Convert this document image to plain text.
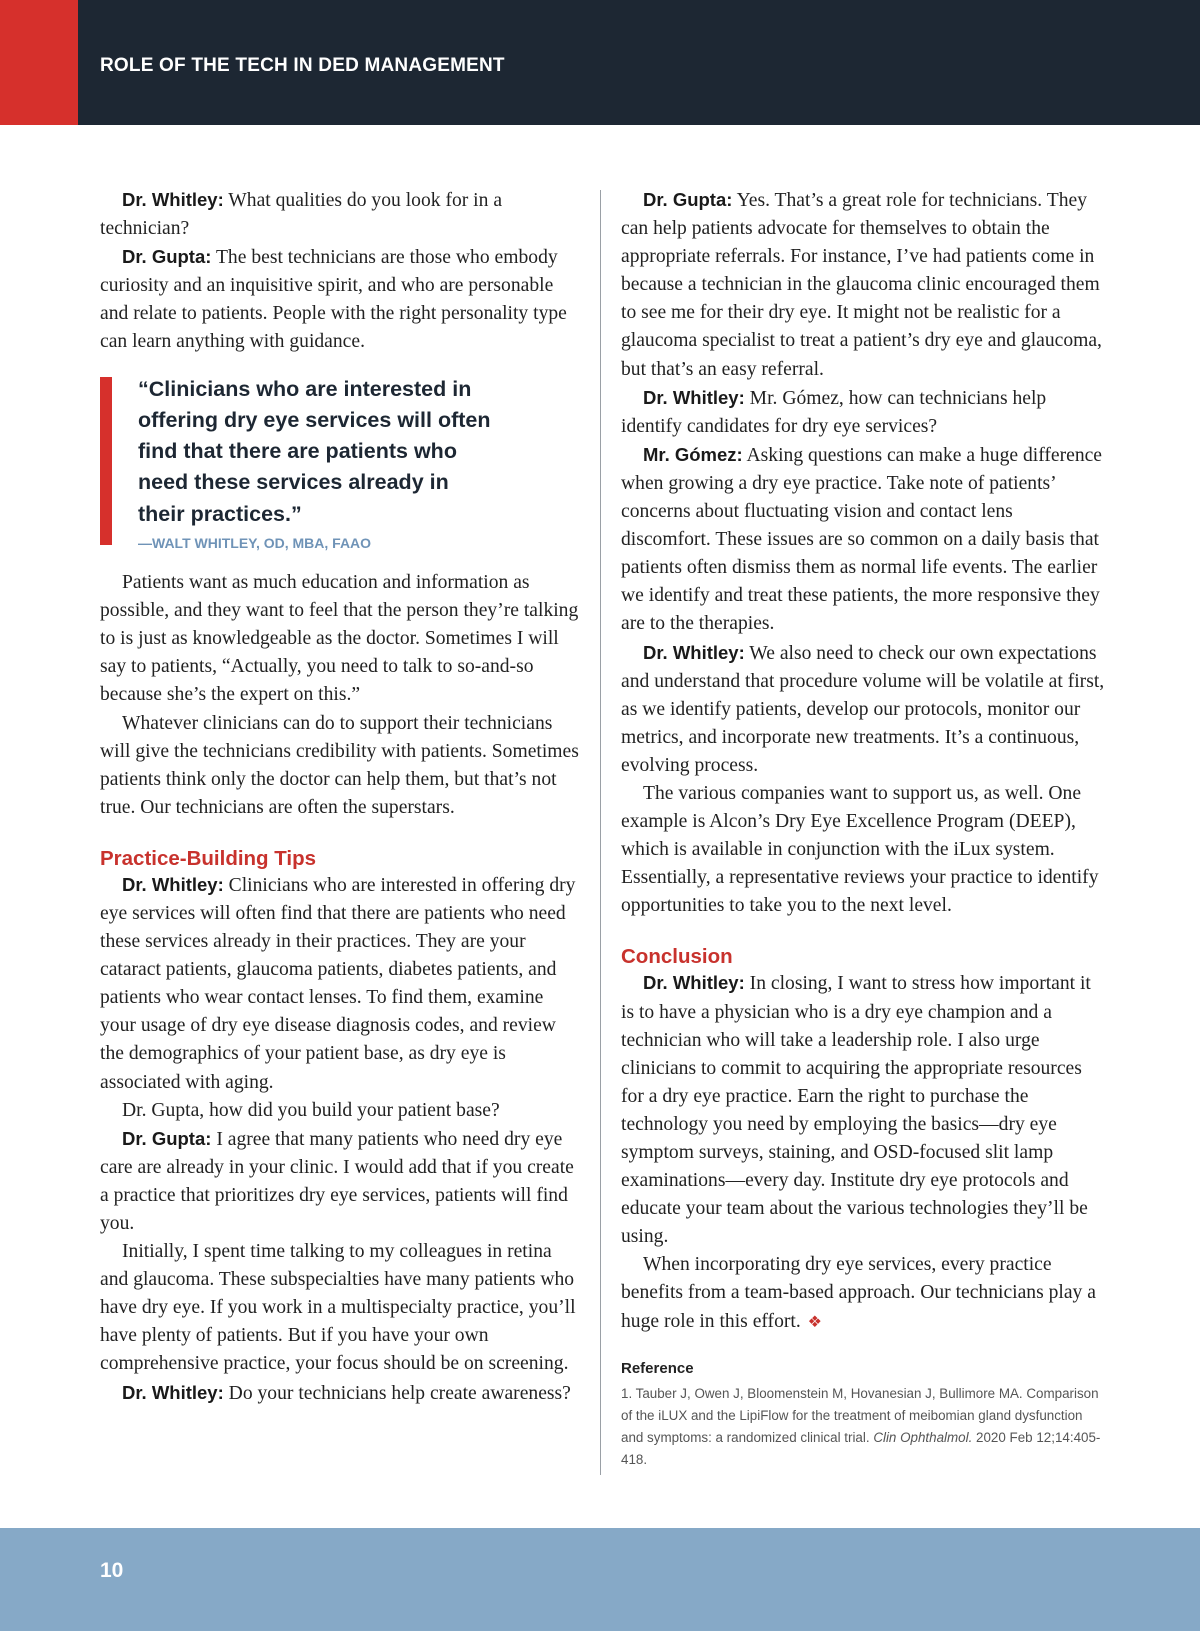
ROLE OF THE TECH IN DED MANAGEMENT

Dr. Whitley: What qualities do you look for in a technician?

Dr. Gupta: The best technicians are those who embody curiosity and an inquisitive spirit, and who are personable and relate to patients. People with the right personality type can learn anything with guidance.

“Clinicians who are interested in offering dry eye services will often find that there are patients who need these services already in their practices.”

—WALT WHITLEY, OD, MBA, FAAO

Patients want as much education and information as possible, and they want to feel that the person they’re talking to is just as knowledgeable as the doctor. Sometimes I will say to patients, “Actually, you need to talk to so-and-so because she’s the expert on this.”

Whatever clinicians can do to support their technicians will give the technicians credibility with patients. Sometimes patients think only the doctor can help them, but that’s not true. Our technicians are often the superstars.

Practice-Building Tips

Dr. Whitley: Clinicians who are interested in offering dry eye services will often find that there are patients who need these services already in their practices. They are your cataract patients, glaucoma patients, diabetes patients, and patients who wear contact lenses. To find them, examine your usage of dry eye disease diagnosis codes, and review the demographics of your patient base, as dry eye is associated with aging.

Dr. Gupta, how did you build your patient base?

Dr. Gupta: I agree that many patients who need dry eye care are already in your clinic. I would add that if you create a practice that prioritizes dry eye services, patients will find you.

Initially, I spent time talking to my colleagues in retina and glaucoma. These subspecialties have many patients who have dry eye. If you work in a multispecialty practice, you’ll have plenty of patients. But if you have your own comprehensive practice, your focus should be on screening.

Dr. Whitley: Do your technicians help create awareness?

Dr. Gupta: Yes. That’s a great role for technicians. They can help patients advocate for themselves to obtain the appropriate referrals. For instance, I’ve had patients come in because a technician in the glaucoma clinic encouraged them to see me for their dry eye. It might not be realistic for a glaucoma specialist to treat a patient’s dry eye and glaucoma, but that’s an easy referral.

Dr. Whitley: Mr. Gómez, how can technicians help identify candidates for dry eye services?

Mr. Gómez: Asking questions can make a huge difference when growing a dry eye practice. Take note of patients’ concerns about fluctuating vision and contact lens discomfort. These issues are so common on a daily basis that patients often dismiss them as normal life events. The earlier we identify and treat these patients, the more responsive they are to the therapies.

Dr. Whitley: We also need to check our own expectations and understand that procedure volume will be volatile at first, as we identify patients, develop our protocols, monitor our metrics, and incorporate new treatments. It’s a continuous, evolving process.

The various companies want to support us, as well. One example is Alcon’s Dry Eye Excellence Program (DEEP), which is available in conjunction with the iLux system. Essentially, a representative reviews your practice to identify opportunities to take you to the next level.

Conclusion

Dr. Whitley: In closing, I want to stress how important it is to have a physician who is a dry eye champion and a technician who will take a leadership role. I also urge clinicians to commit to acquiring the appropriate resources for a dry eye practice. Earn the right to purchase the technology you need by employing the basics—dry eye symptom surveys, staining, and OSD-focused slit lamp examinations—every day. Institute dry eye protocols and educate your team about the various technologies they’ll be using.

When incorporating dry eye services, every practice benefits from a team-based approach. Our technicians play a huge role in this effort. ❖

Reference

1. Tauber J, Owen J, Bloomenstein M, Hovanesian J, Bullimore MA. Comparison of the iLUX and the LipiFlow for the treatment of meibomian gland dysfunction and symptoms: a randomized clinical trial. Clin Ophthalmol. 2020 Feb 12;14:405-418.

10
